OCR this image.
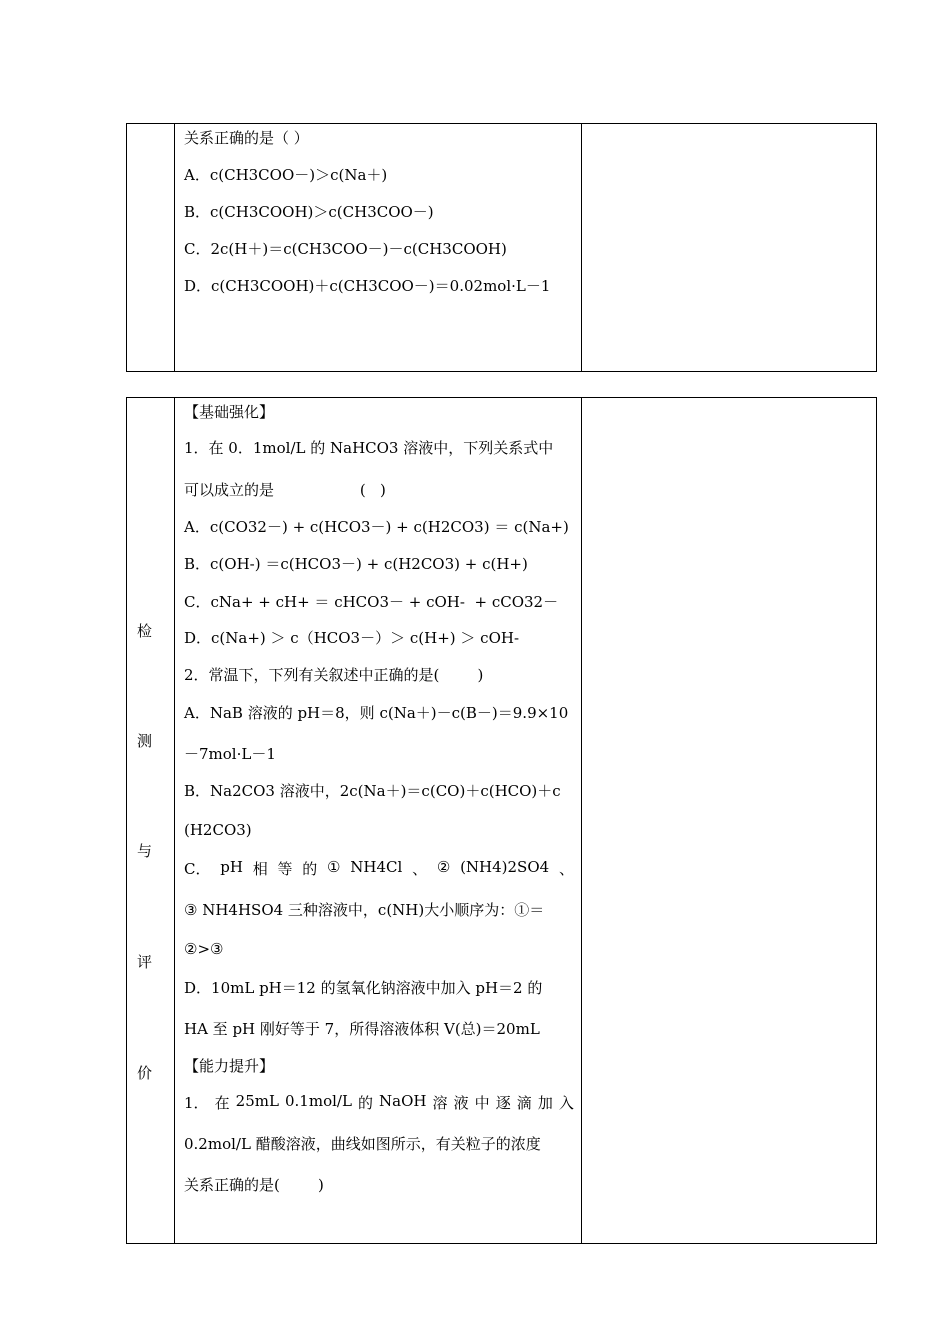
关系正确的是（ ）
A．c(CH3COO－)＞c(Na＋)
B．c(CH3COOH)＞c(CH3COO－)
C．2c(H＋)＝c(CH3COO－)－c(CH3COOH)
D．c(CH3COOH)＋c(CH3COO－)＝0.02mol·L－1
检
测
与
评
价
【基础强化】
1．在 0．1mol/L 的 NaHCO3 溶液中，下列关系式中
可以成立的是                  (   )
A．c(CO32－) + c(HCO3－) + c(H2CO3) ＝ c(Na+)
B．c(OH-) ＝c(HCO3－) + c(H2CO3) + c(H+)
C．cNa+ + cH+ ＝ cHCO3－ + cOH-  + cCO32－
D．c(Na+) ＞ c（HCO3－）＞ c(H+) ＞ cOH-
2．常温下，下列有关叙述中正确的是(        )
A．NaB 溶液的 pH＝8，则 c(Na＋)－c(B－)＝9.9×10
－7mol·L－1
B．Na2CO3 溶液中，2c(Na＋)＝c(CO)＋c(HCO)＋c
(H2CO3)
C． pH 相 等 的 ① NH4Cl 、 ② (NH4)2SO4 、
③ NH4HSO4 三种溶液中，c(NH)大小顺序为：①＝
②>③
D．10mL pH＝12 的氢氧化钠溶液中加入 pH＝2 的
HA 至 pH 刚好等于 7，所得溶液体积 V(总)＝20mL
【能力提升】
1． 在 25mL 0.1mol/L 的 NaOH 溶 液 中 逐 滴 加 入
0.2mol/L 醋酸溶液，曲线如图所示，有关粒子的浓度
关系正确的是(        )
